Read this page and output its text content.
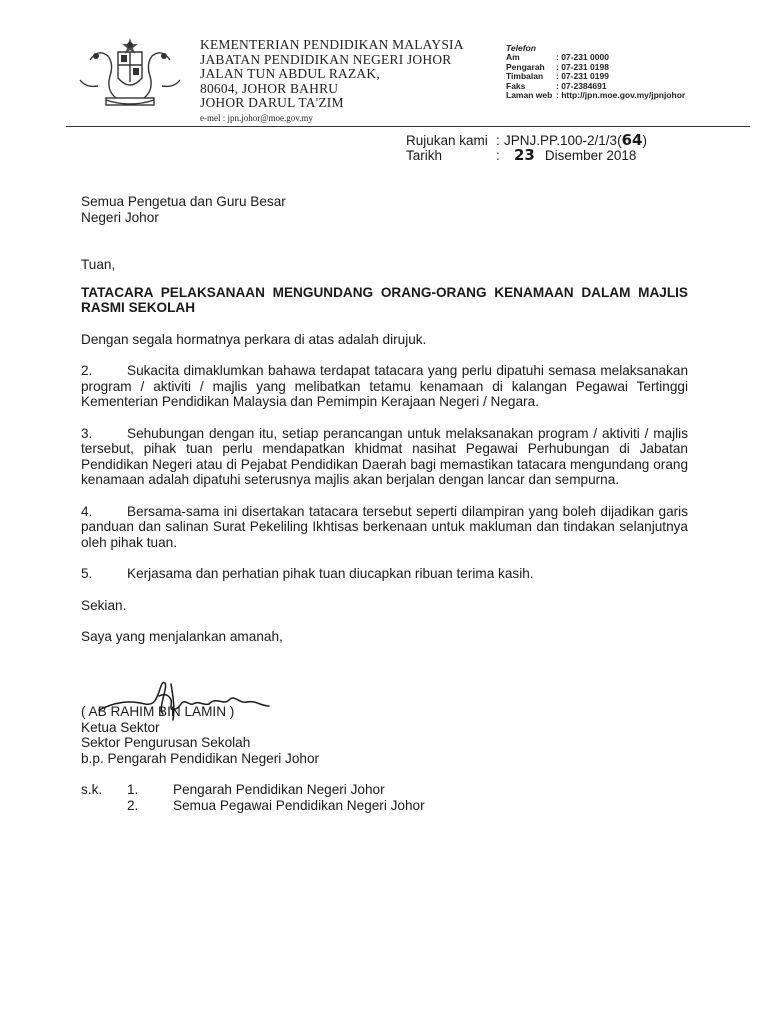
KEMENTERIAN PENDIDIKAN MALAYSIA
JABATAN PENDIDIKAN NEGERI JOHOR
JALAN TUN ABDUL RAZAK,
80604, JOHOR BAHRU
JOHOR DARUL TA'ZIM
e-mel : jpn.johor@moe.gov.my
Telefon
Am	: 07-231 0000
Pengarah	: 07-231 0198
Timbalan	: 07-231 0199
Faks	: 07-2384691
Laman web : http://jpn.moe.gov.my/jpnjohor
Rujukan kami : JPNJ.PP.100-2/1/3( 64 )
Tarikh	: 23 Disember 2018

Semua Pengetua dan Guru Besar

Negeri Johor

Tuan,

TATACARA PELAKSANAAN MENGUNDANG ORANG-ORANG KENAMAAN DALAM MAJLIS RASMI SEKOLAH

Dengan segala hormatnya perkara di atas adalah dirujuk.

2.	Sukacita dimaklumkan bahawa terdapat tatacara yang perlu dipatuhi semasa melaksanakan program / aktiviti / majlis yang melibatkan tetamu kenamaan di kalangan Pegawai Tertinggi Kementerian Pendidikan Malaysia dan Pemimpin Kerajaan Negeri / Negara.

3.	Sehubungan dengan itu, setiap perancangan untuk melaksanakan program / aktiviti / majlis tersebut, pihak tuan perlu mendapatkan khidmat nasihat Pegawai Perhubungan di Jabatan Pendidikan Negeri atau di Pejabat Pendidikan Daerah bagi memastikan tatacara mengundang orang kenamaan adalah dipatuhi seterusnya majlis akan berjalan dengan lancar dan sempurna.

4.	Bersama-sama ini disertakan tatacara tersebut seperti dilampiran yang boleh dijadikan garis panduan dan salinan Surat Pekeliling Ikhtisas berkenaan untuk makluman dan tindakan selanjutnya oleh pihak tuan.

5.	Kerjasama dan perhatian pihak tuan diucapkan ribuan terima kasih.

Sekian.

Saya yang menjalankan amanah,

( AB RAHIM BIN LAMIN )
Ketua Sektor
Sektor Pengurusan Sekolah
b.p. Pengarah Pendidikan Negeri Johor
s.k.	1.	Pengarah Pendidikan Negeri Johor
2.	Semua Pegawai Pendidikan Negeri Johor
